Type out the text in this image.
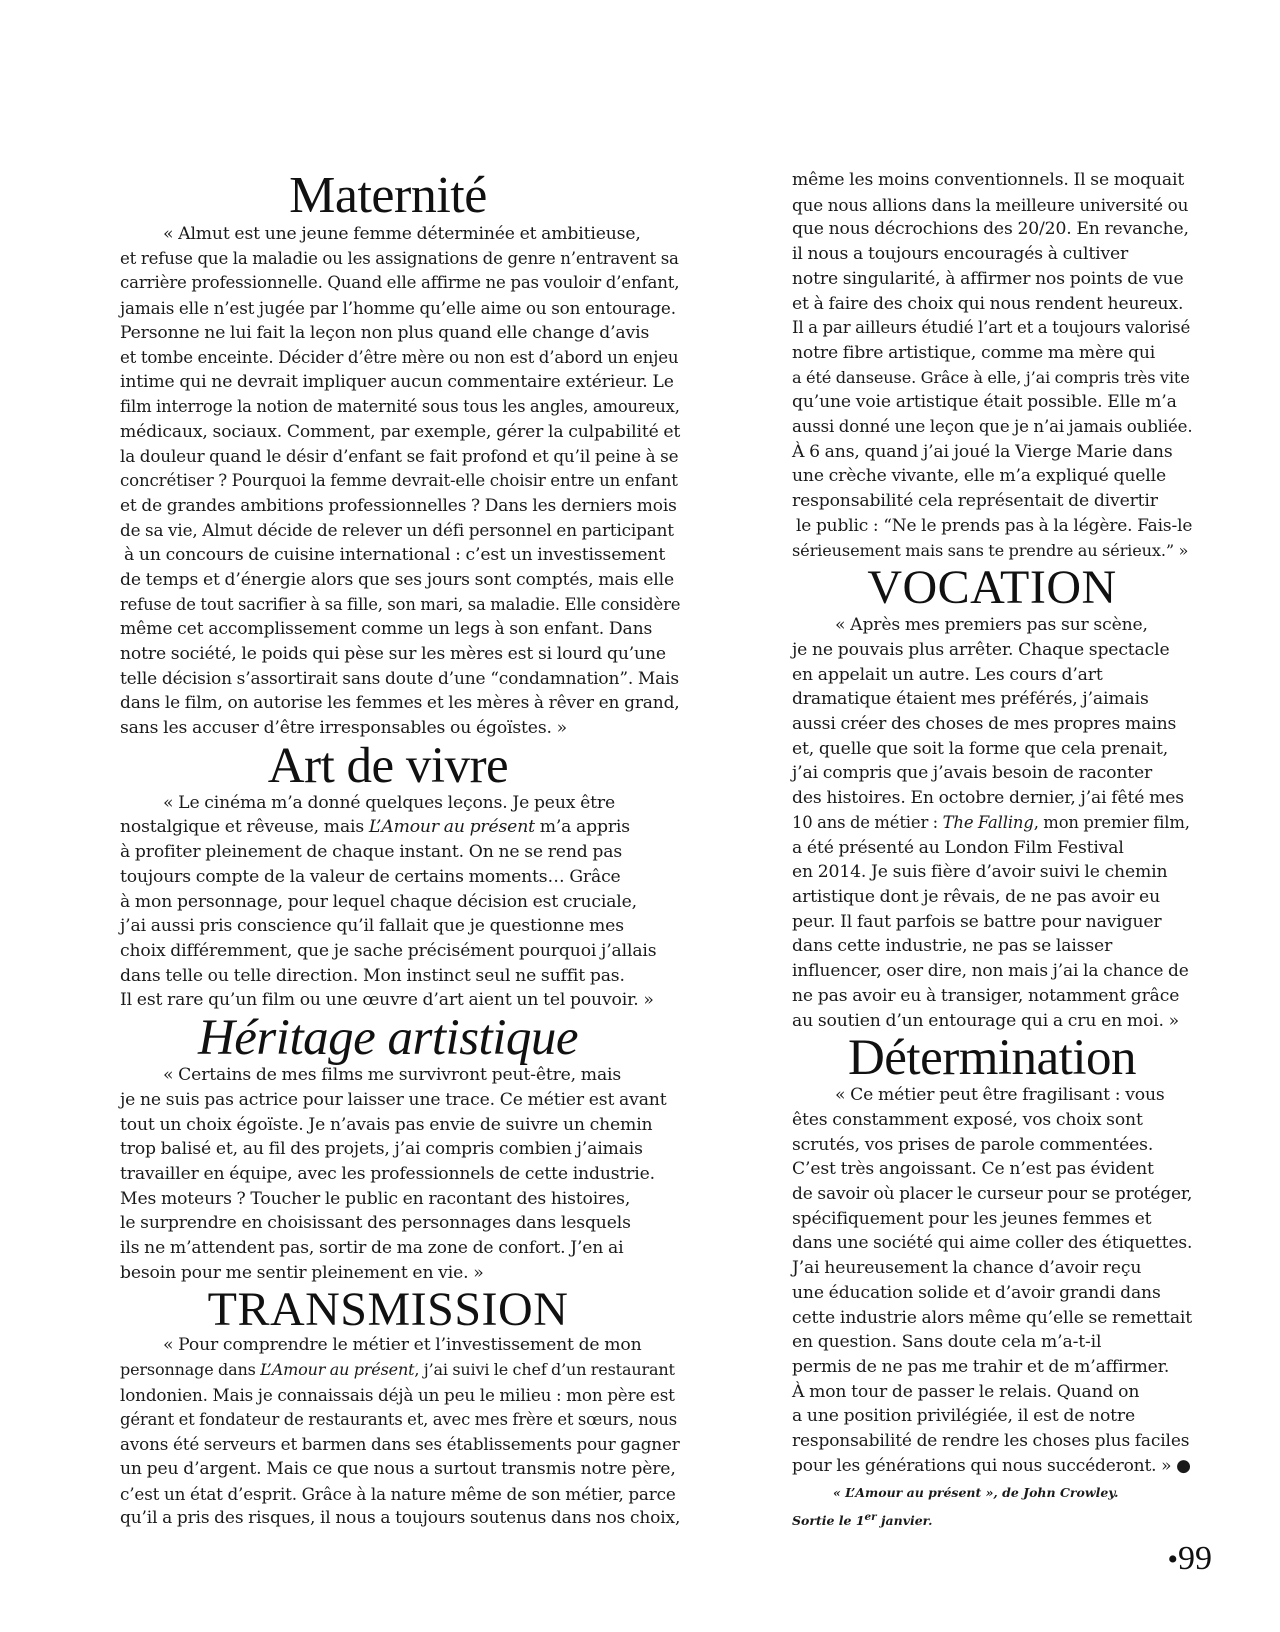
Maternité
« Almut est une jeune femme déterminée et ambitieuse,
et refuse que la maladie ou les assignations de genre n’entravent sa
carrière professionnelle. Quand elle affirme ne pas vouloir d’enfant,
jamais elle n’est jugée par l’homme qu’elle aime ou son entourage.
Personne ne lui fait la leçon non plus quand elle change d’avis
et tombe enceinte. Décider d’être mère ou non est d’abord un enjeu
intime qui ne devrait impliquer aucun commentaire extérieur. Le
film interroge la notion de maternité sous tous les angles, amoureux,
médicaux, sociaux. Comment, par exemple, gérer la culpabilité et
la douleur quand le désir d’enfant se fait profond et qu’il peine à se
concrétiser ? Pourquoi la femme devrait-elle choisir entre un enfant
et de grandes ambitions professionnelles ? Dans les derniers mois
de sa vie, Almut décide de relever un défi personnel en participant
à un concours de cuisine international : c’est un investissement
de temps et d’énergie alors que ses jours sont comptés, mais elle
refuse de tout sacrifier à sa fille, son mari, sa maladie. Elle considère
même cet accomplissement comme un legs à son enfant. Dans
notre société, le poids qui pèse sur les mères est si lourd qu’une
telle décision s’assortirait sans doute d’une “condamnation”. Mais
dans le film, on autorise les femmes et les mères à rêver en grand,
sans les accuser d’être irresponsables ou égoïstes. »
Art de vivre
« Le cinéma m’a donné quelques leçons. Je peux être
nostalgique et rêveuse, mais L’Amour au présent m’a appris
à profiter pleinement de chaque instant. On ne se rend pas
toujours compte de la valeur de certains moments… Grâce
à mon personnage, pour lequel chaque décision est cruciale,
j’ai aussi pris conscience qu’il fallait que je questionne mes
choix différemment, que je sache précisément pourquoi j’allais
dans telle ou telle direction. Mon instinct seul ne suffit pas.
Il est rare qu’un film ou une œuvre d’art aient un tel pouvoir. »
Héritage artistique
« Certains de mes films me survivront peut-être, mais
je ne suis pas actrice pour laisser une trace. Ce métier est avant
tout un choix égoïste. Je n’avais pas envie de suivre un chemin
trop balisé et, au fil des projets, j’ai compris combien j’aimais
travailler en équipe, avec les professionnels de cette industrie.
Mes moteurs ? Toucher le public en racontant des histoires,
le surprendre en choisissant des personnages dans lesquels
ils ne m’attendent pas, sortir de ma zone de confort. J’en ai
besoin pour me sentir pleinement en vie. »
TRANSMISSION
« Pour comprendre le métier et l’investissement de mon
personnage dans L’Amour au présent, j’ai suivi le chef d’un restaurant
londonien. Mais je connaissais déjà un peu le milieu : mon père est
gérant et fondateur de restaurants et, avec mes frère et sœurs, nous
avons été serveurs et barmen dans ses établissements pour gagner
un peu d’argent. Mais ce que nous a surtout transmis notre père,
c’est un état d’esprit. Grâce à la nature même de son métier, parce
qu’il a pris des risques, il nous a toujours soutenus dans nos choix,
même les moins conventionnels. Il se moquait
que nous allions dans la meilleure université ou
que nous décrochions des 20/20. En revanche,
il nous a toujours encouragés à cultiver
notre singularité, à affirmer nos points de vue
et à faire des choix qui nous rendent heureux.
Il a par ailleurs étudié l’art et a toujours valorisé
notre fibre artistique, comme ma mère qui
a été danseuse. Grâce à elle, j’ai compris très vite
qu’une voie artistique était possible. Elle m’a
aussi donné une leçon que je n’ai jamais oubliée.
À 6 ans, quand j’ai joué la Vierge Marie dans
une crèche vivante, elle m’a expliqué quelle
responsabilité cela représentait de divertir
le public : “Ne le prends pas à la légère. Fais-le
sérieusement mais sans te prendre au sérieux.” »
VOCATION
« Après mes premiers pas sur scène,
je ne pouvais plus arrêter. Chaque spectacle
en appelait un autre. Les cours d’art
dramatique étaient mes préférés, j’aimais
aussi créer des choses de mes propres mains
et, quelle que soit la forme que cela prenait,
j’ai compris que j’avais besoin de raconter
des histoires. En octobre dernier, j’ai fêté mes
10 ans de métier : The Falling, mon premier film,
a été présenté au London Film Festival
en 2014. Je suis fière d’avoir suivi le chemin
artistique dont je rêvais, de ne pas avoir eu
peur. Il faut parfois se battre pour naviguer
dans cette industrie, ne pas se laisser
influencer, oser dire, non mais j’ai la chance de
ne pas avoir eu à transiger, notamment grâce
au soutien d’un entourage qui a cru en moi. »
Détermination
« Ce métier peut être fragilisant : vous
êtes constamment exposé, vos choix sont
scrutés, vos prises de parole commentées.
C’est très angoissant. Ce n’est pas évident
de savoir où placer le curseur pour se protéger,
spécifiquement pour les jeunes femmes et
dans une société qui aime coller des étiquettes.
J’ai heureusement la chance d’avoir reçu
une éducation solide et d’avoir grandi dans
cette industrie alors même qu’elle se remettait
en question. Sans doute cela m’a-t-il
permis de ne pas me trahir et de m’affirmer.
À mon tour de passer le relais. Quand on
a une position privilégiée, il est de notre
responsabilité de rendre les choses plus faciles
pour les générations qui nous succéderont. » ●
« L’Amour au présent », de John Crowley.
Sortie le 1er janvier.
•99
